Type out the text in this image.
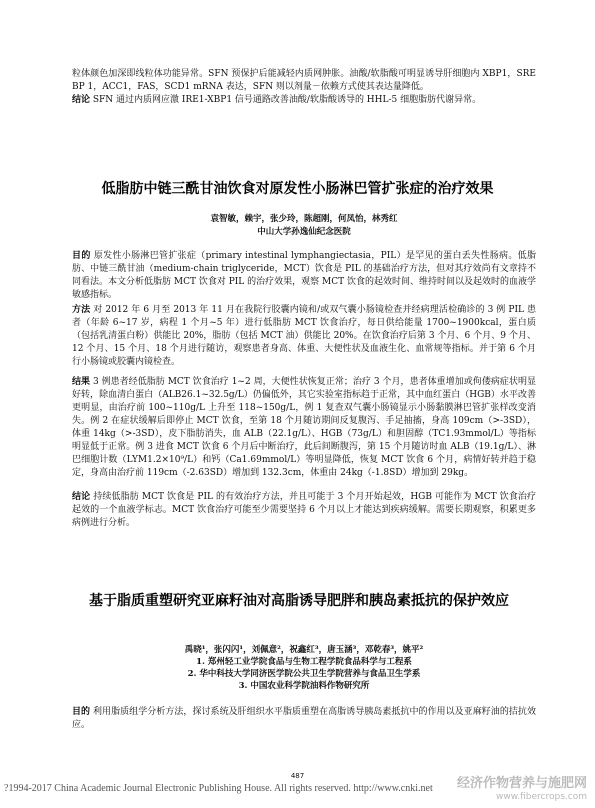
粒体颜色加深即线粒体功能异常。SFN 预保护后能减轻内质网肿胀。油酸/软脂酸可明显诱导肝细胞内 XBP1，SREBP 1，ACC1，FAS，SCD1 mRNA 表达，SFN 则以剂量－依赖方式使其表达量降低。

结论 SFN 通过内质网应激 IRE1-XBP1 信号通路改善油酸/软脂酸诱导的 HHL-5 细胞脂肪代谢异常。

低脂肪中链三酰甘油饮食对原发性小肠淋巴管扩张症的治疗效果
袁智敏，赖宇，张少玲，陈超刚，何凤怡，林秀红
中山大学孙逸仙纪念医院

目的 原发性小肠淋巴管扩张症（primary intestinal lymphangiectasia，PIL）是罕见的蛋白丢失性肠病。低脂肪、中链三酰甘油（medium-chain triglyceride，MCT）饮食是 PIL 的基础治疗方法，但对其疗效尚有文章持不同看法。本文分析低脂肪 MCT 饮食对 PIL 的治疗效果，观察 MCT 饮食的起效时间、维持时间以及起效时的血液学敏感指标。

方法 对 2012 年 6 月至 2013 年 11 月在我院行胶囊内镜和/或双气囊小肠镜检查并经病理活检确诊的 3 例 PIL 患者（年龄 6~17 岁，病程 1 个月~5 年）进行低脂肪 MCT 饮食治疗，每日供给能量 1700~1900kcal，蛋白质（包括乳清蛋白粉）供能比 20%，脂肪（包括 MCT 油）供能比 20%。在饮食治疗后第 3 个月、6 个月、9 个月、12 个月、15 个月、18 个月进行随访，观察患者身高、体重、大便性状及血液生化、血常规等指标。并于第 6 个月行小肠镜或胶囊内镜检查。

结果 3 例患者经低脂肪 MCT 饮食治疗 1~2 周，大便性状恢复正常；治疗 3 个月，患者体重增加或佝偻病症状明显好转，除血清白蛋白（ALB26.1~32.5g/L）仍偏低外，其它实验室指标趋于正常，其中血红蛋白（HGB）水平改善更明显，由治疗前 100~110g/L 上升至 118~150g/L，例 1 复查双气囊小肠镜显示小肠黏膜淋巴管扩张样改变消失。例 2 在症状缓解后即停止 MCT 饮食，至第 18 个月随访期间反复腹泻、手足抽搐，身高 109cm（>-3SD），体重 14kg（>-3SD），皮下脂肪消失，血 ALB（22.1g/L）、HGB（73g/L）和胆固醇（TC1.93mmol/L）等指标明显低于正常。例 3 进食 MCT 饮食 6 个月后中断治疗，此后间断腹泻，第 15 个月随访时血 ALB（19.1g/L）、淋巴细胞计数（LYM1.2×10⁹/L）和钙（Ca1.69mmol/L）等明显降低，恢复 MCT 饮食 6 个月，病情好转并趋于稳定，身高由治疗前 119cm（-2.63SD）增加到 132.3cm，体重由 24kg（-1.8SD）增加到 29kg。

结论 持续低脂肪 MCT 饮食是 PIL 的有效治疗方法，并且可能于 3 个月开始起效，HGB 可能作为 MCT 饮食治疗起效的一个血液学标志。MCT 饮食治疗可能至少需要坚持 6 个月以上才能达到疾病缓解。需要长期观察，积累更多病例进行分析。

基于脂质重塑研究亚麻籽油对高脂诱导肥胖和胰岛素抵抗的保护效应
禹晓¹，张闪闪¹，刘佩意²，祝鑫红³，唐玉涵³，邓乾春³，姚平²
1. 郑州轻工业学院食品与生物工程学院食品科学与工程系
2. 华中科技大学同济医学院公共卫生学院营养与食品卫生学系
3. 中国农业科学院油料作物研究所

目的 利用脂质组学分析方法，探讨系统及肝组织水平脂质重塑在高脂诱导胰岛素抵抗中的作用以及亚麻籽油的拮抗效应。

487

?1994-2017 China Academic Journal Electronic Publishing House. All rights reserved. http://www.cnki.net 经济作物营养与施肥网
www.fibercrops.com
